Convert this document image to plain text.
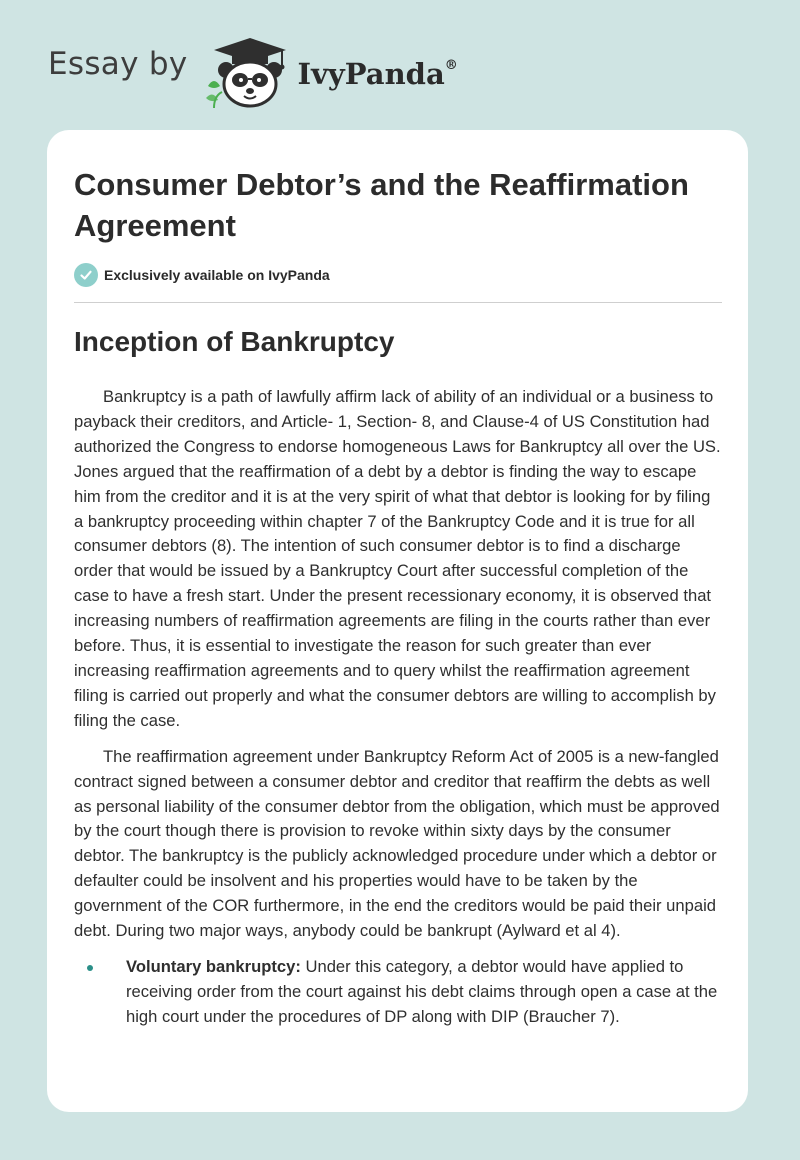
Essay by	IvyPanda®
Consumer Debtor’s and the Reaffirmation Agreement
Exclusively available on IvyPanda
Inception of Bankruptcy

Bankruptcy is a path of lawfully affirm lack of ability of an individual or a business to payback their creditors, and Article- 1, Section- 8, and Clause-4 of US Constitution had authorized the Congress to endorse homogeneous Laws for Bankruptcy all over the US. Jones argued that the reaffirmation of a debt by a debtor is finding the way to escape him from the creditor and it is at the very spirit of what that debtor is looking for by filing a bankruptcy proceeding within chapter 7 of the Bankruptcy Code and it is true for all consumer debtors (8). The intention of such consumer debtor is to find a discharge order that would be issued by a Bankruptcy Court after successful completion of the case to have a fresh start. Under the present recessionary economy, it is observed that increasing numbers of reaffirmation agreements are filing in the courts rather than ever before. Thus, it is essential to investigate the reason for such greater than ever increasing reaffirmation agreements and to query whilst the reaffirmation agreement filing is carried out properly and what the consumer debtors are willing to accomplish by filing the case.

The reaffirmation agreement under Bankruptcy Reform Act of 2005 is a new-fangled contract signed between a consumer debtor and creditor that reaffirm the debts as well as personal liability of the consumer debtor from the obligation, which must be approved by the court though there is provision to revoke within sixty days by the consumer debtor. The bankruptcy is the publicly acknowledged procedure under which a debtor or defaulter could be insolvent and his properties would have to be taken by the government of the COR furthermore, in the end the creditors would be paid their unpaid debt. During two major ways, anybody could be bankrupt (Aylward et al 4).

Voluntary bankruptcy: Under this category, a debtor would have applied to receiving order from the court against his debt claims through open a case at the high court under the procedures of DP along with DIP (Braucher 7).
